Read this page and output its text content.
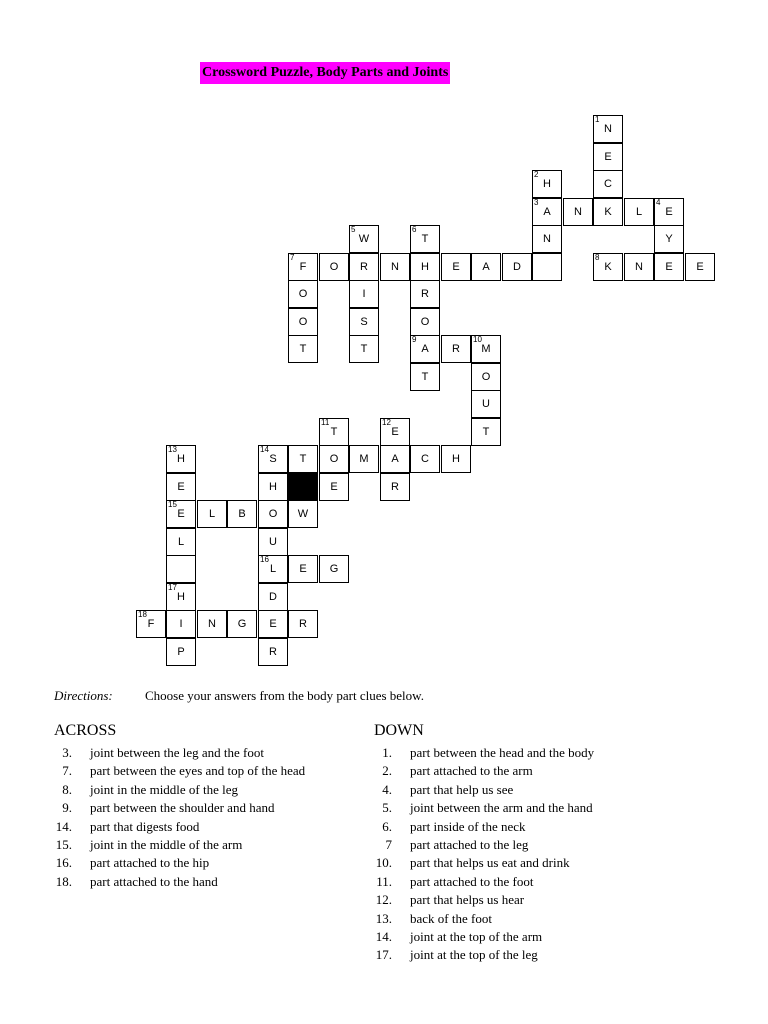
Crossword Puzzle, Body Parts and Joints
1
N
E
2
H	C
3
A N K L
4
E
5
W
6
T	N	Y
7
F O R N H E A D
8
K N E E
O	I	R
O	S	O
T	T
9
A R
10
M
T	O
U
11
T
12
E	T
13
H
14
S T O M A C H
E	H	E	R
15
E L B O W
L	U
16
L E G
17
H	D
18
F I N G E R
P	R
Directions: Choose your answers from the body part clues below.
ACROSS	DOWN
3. joint between the leg and the foot
7. part between the eyes and top of the head
8. joint in the middle of the leg
9. part between the shoulder and hand
14. part that digests food
15. joint in the middle of the arm
16. part attached to the hip
18. part attached to the hand
1. part between the head and the body
2. part attached to the arm
4. part that help us see
5. joint between the arm and the hand
6. part inside of the neck
7 part attached to the leg
10. part that helps us eat and drink
11. part attached to the foot
12. part that helps us hear
13. back of the foot
14. joint at the top of the arm
17. joint at the top of the leg
